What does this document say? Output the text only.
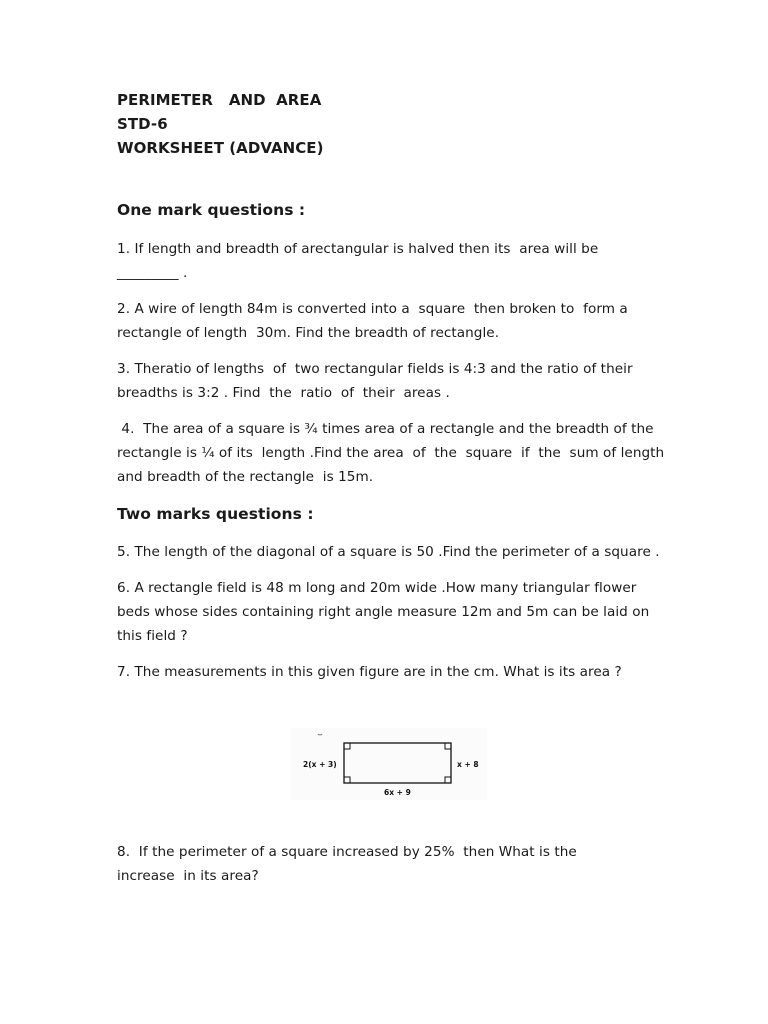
PERIMETER   AND  AREA
STD-6
WORKSHEET (ADVANCE)
One mark questions :
1. If length and breadth of arectangular is halved then its  area will be
_________ .
2. A wire of length 84m is converted into a  square  then broken to  form a
rectangle of length  30m. Find the breadth of rectangle.
3. Theratio of lengths  of  two rectangular fields is 4:3 and the ratio of their
breadths is 3:2 . Find  the  ratio  of  their  areas .
4.  The area of a square is ¾ times area of a rectangle and the breadth of the
rectangle is ¼ of its  length .Find the area  of  the  square  if  the  sum of length
and breadth of the rectangle  is 15m.
Two marks questions :
5. The length of the diagonal of a square is 50 .Find the perimeter of a square .
6. A rectangle field is 48 m long and 20m wide .How many triangular flower
beds whose sides containing right angle measure 12m and 5m can be laid on
this field ?
7. The measurements in this given figure are in the cm. What is its area ?
2(x + 3)	x + 8
6x + 9
8.  If the perimeter of a square increased by 25%  then What is the
increase  in its area?
